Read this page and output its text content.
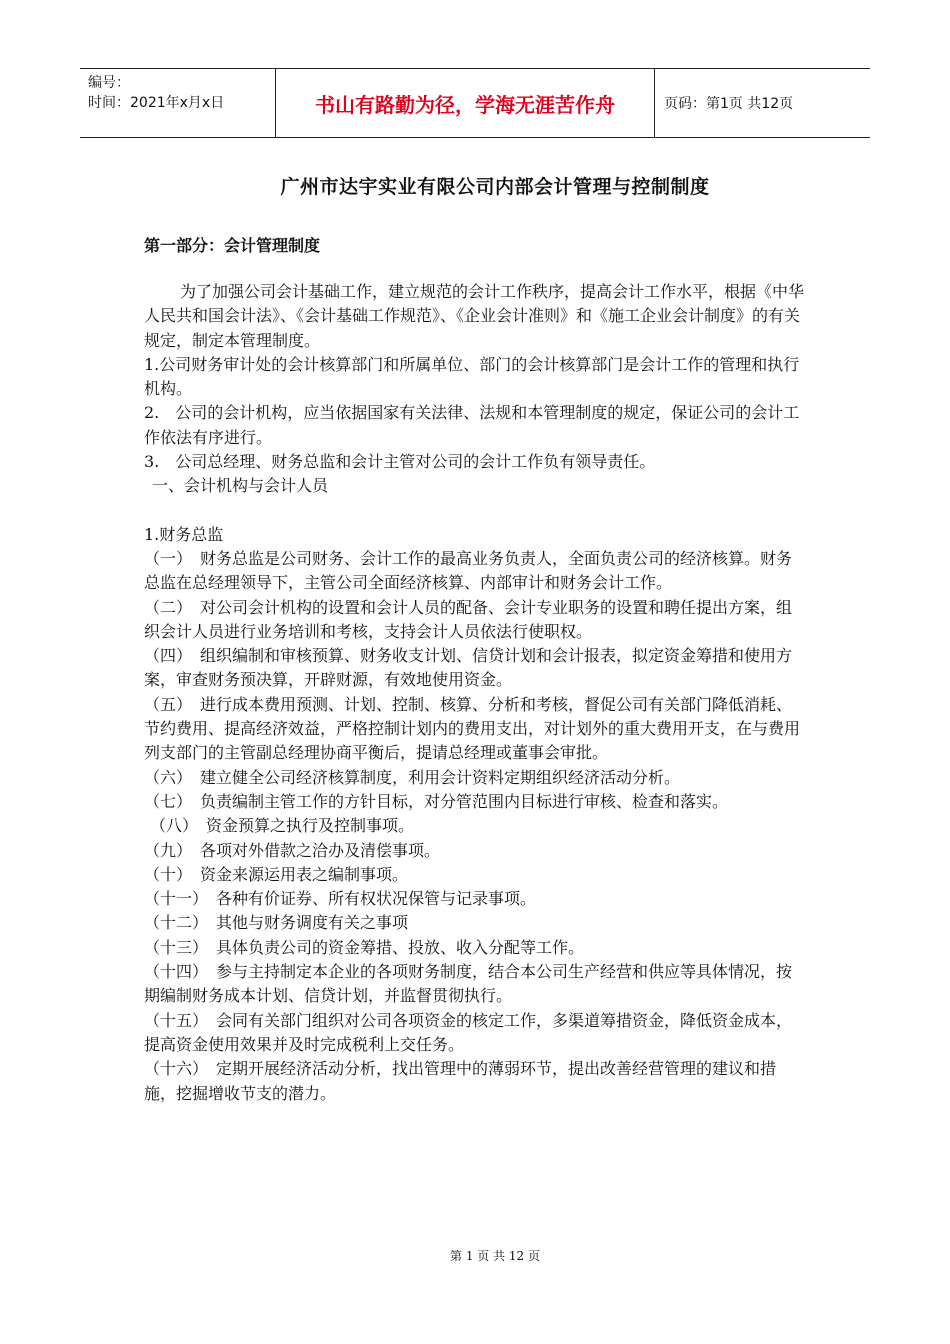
编号：
时间：2021年x月x日	书山有路勤为径，学海无涯苦作舟	页码：第1页 共12页
广州市达宇实业有限公司内部会计管理与控制制度
第一部分：会计管理制度

为了加强公司会计基础工作，建立规范的会计工作秩序，提高会计工作水平，根据《中华人民共和国会计法》、《会计基础工作规范》、《企业会计准则》和《施工企业会计制度》的有关规定，制定本管理制度。

1.公司财务审计处的会计核算部门和所属单位、部门的会计核算部门是会计工作的管理和执行机构。

2.　公司的会计机构，应当依据国家有关法律、法规和本管理制度的规定，保证公司的会计工作依法有序进行。

3.　公司总经理、财务总监和会计主管对公司的会计工作负有领导责任。

一、会计机构与会计人员

1.财务总监

（一）　财务总监是公司财务、会计工作的最高业务负责人，全面负责公司的经济核算。财务总监在总经理领导下，主管公司全面经济核算、内部审计和财务会计工作。

（二）　对公司会计机构的设置和会计人员的配备、会计专业职务的设置和聘任提出方案，组织会计人员进行业务培训和考核，支持会计人员依法行使职权。

（四）　组织编制和审核预算、财务收支计划、信贷计划和会计报表，拟定资金筹措和使用方案，审查财务预决算，开辟财源，有效地使用资金。

（五）　进行成本费用预测、计划、控制、核算、分析和考核，督促公司有关部门降低消耗、节约费用、提高经济效益，严格控制计划内的费用支出，对计划外的重大费用开支，在与费用列支部门的主管副总经理协商平衡后，提请总经理或董事会审批。

（六）　建立健全公司经济核算制度，利用会计资料定期组织经济活动分析。

（七）　负责编制主管工作的方针目标，对分管范围内目标进行审核、检查和落实。

（八）　资金预算之执行及控制事项。

（九）　各项对外借款之洽办及清偿事项。

（十）　资金来源运用表之编制事项。

（十一）　各种有价证券、所有权状况保管与记录事项。

（十二）　其他与财务调度有关之事项

（十三）　具体负责公司的资金筹措、投放、收入分配等工作。

（十四）　参与主持制定本企业的各项财务制度，结合本公司生产经营和供应等具体情况，按期编制财务成本计划、信贷计划，并监督贯彻执行。

（十五）　会同有关部门组织对公司各项资金的核定工作，多渠道筹措资金，降低资金成本，提高资金使用效果并及时完成税利上交任务。

（十六）　定期开展经济活动分析，找出管理中的薄弱环节，提出改善经营管理的建议和措施，挖掘增收节支的潜力。

第 1 页 共 12 页
